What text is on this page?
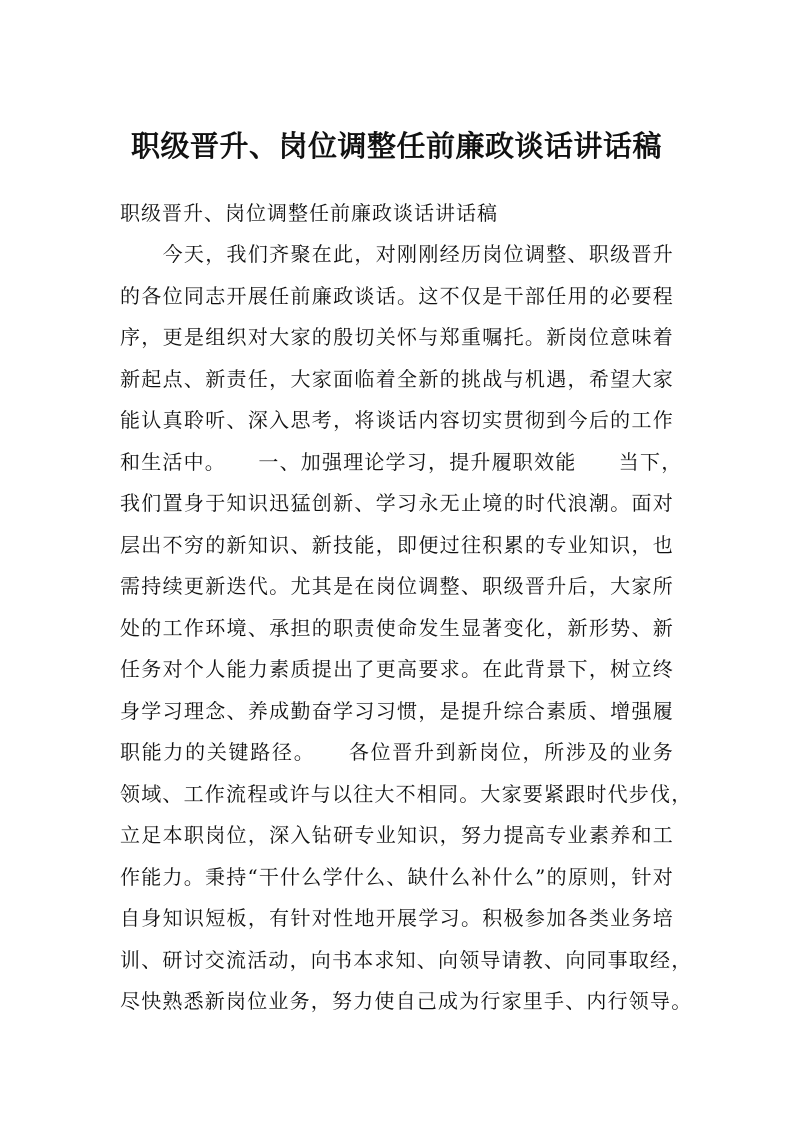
职级晋升、岗位调整任前廉政谈话讲话稿

职级晋升、岗位调整任前廉政谈话讲话稿

　　今天，我们齐聚在此，对刚刚经历岗位调整、职级晋升
的各位同志开展任前廉政谈话。这不仅是干部任用的必要程
序，更是组织对大家的殷切关怀与郑重嘱托。新岗位意味着
新起点、新责任，大家面临着全新的挑战与机遇，希望大家
能认真聆听、深入思考，将谈话内容切实贯彻到今后的工作
和生活中。　　一、加强理论学习，提升履职效能　　当下，
我们置身于知识迅猛创新、学习永无止境的时代浪潮。面对
层出不穷的新知识、新技能，即便过往积累的专业知识，也
需持续更新迭代。尤其是在岗位调整、职级晋升后，大家所
处的工作环境、承担的职责使命发生显著变化，新形势、新
任务对个人能力素质提出了更高要求。在此背景下，树立终
身学习理念、养成勤奋学习习惯，是提升综合素质、增强履
职能力的关键路径。　　各位晋升到新岗位，所涉及的业务
领域、工作流程或许与以往大不相同。大家要紧跟时代步伐，
立足本职岗位，深入钻研专业知识，努力提高专业素养和工
作能力。秉持“干什么学什么、缺什么补什么”的原则，针对
自身知识短板，有针对性地开展学习。积极参加各类业务培
训、研讨交流活动，向书本求知、向领导请教、向同事取经，
尽快熟悉新岗位业务，努力使自己成为行家里手、内行领导。
